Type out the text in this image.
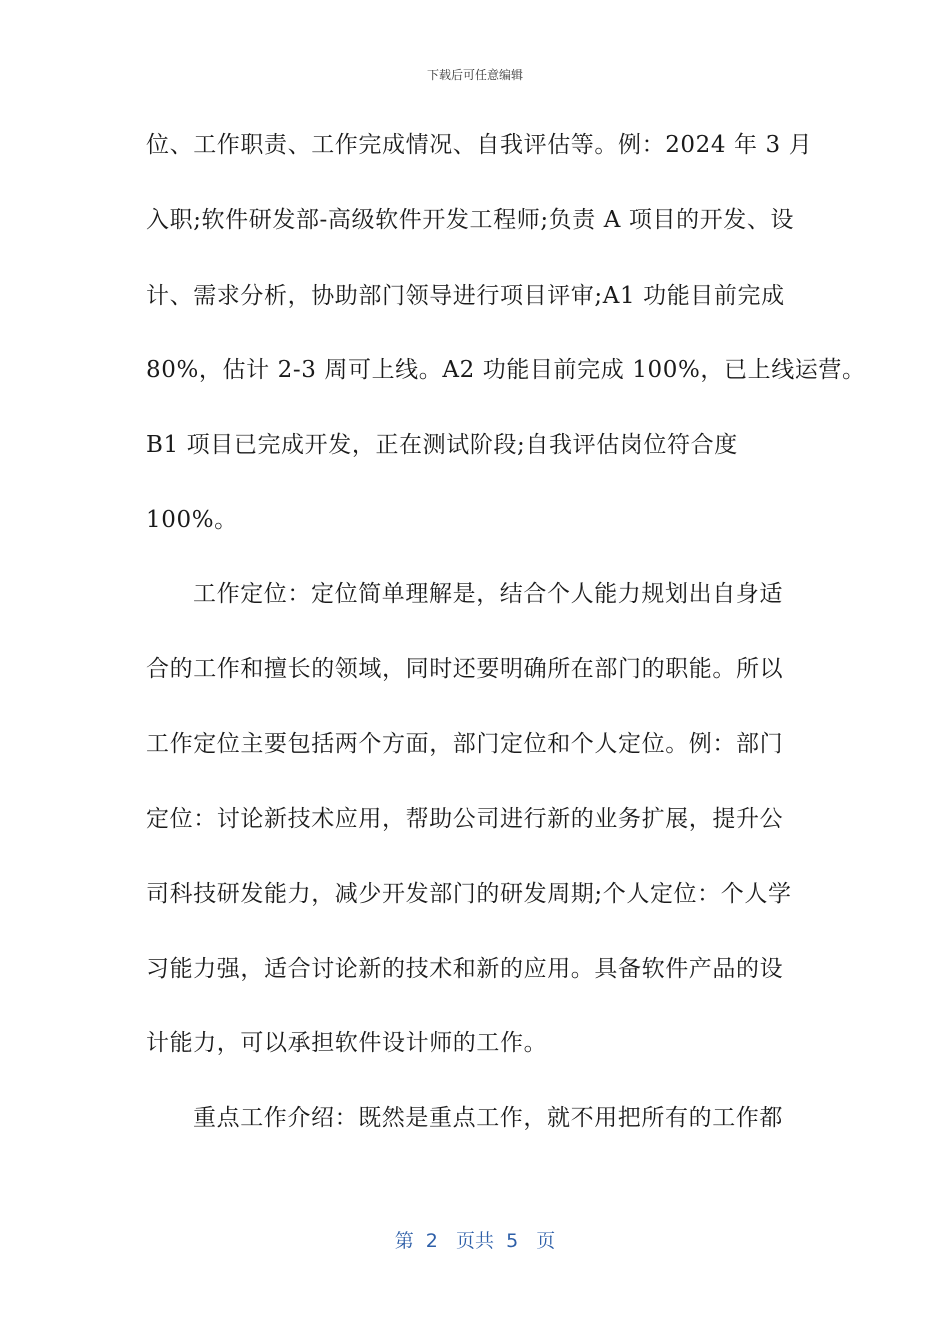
下载后可任意编辑
位、工作职责、工作完成情况、自我评估等。例：2024 年 3 月
入职;软件研发部-高级软件开发工程师;负责 A 项目的开发、设
计、需求分析，协助部门领导进行项目评审;A1 功能目前完成
80%，估计 2-3 周可上线。A2 功能目前完成 100%，已上线运营。
B1 项目已完成开发，正在测试阶段;自我评估岗位符合度
100%。
工作定位：定位简单理解是，结合个人能力规划出自身适
合的工作和擅长的领域，同时还要明确所在部门的职能。所以
工作定位主要包括两个方面，部门定位和个人定位。例：部门
定位：讨论新技术应用，帮助公司进行新的业务扩展，提升公
司科技研发能力，减少开发部门的研发周期;个人定位：个人学
习能力强，适合讨论新的技术和新的应用。具备软件产品的设
计能力，可以承担软件设计师的工作。
重点工作介绍：既然是重点工作，就不用把所有的工作都
第  2   页共  5   页
